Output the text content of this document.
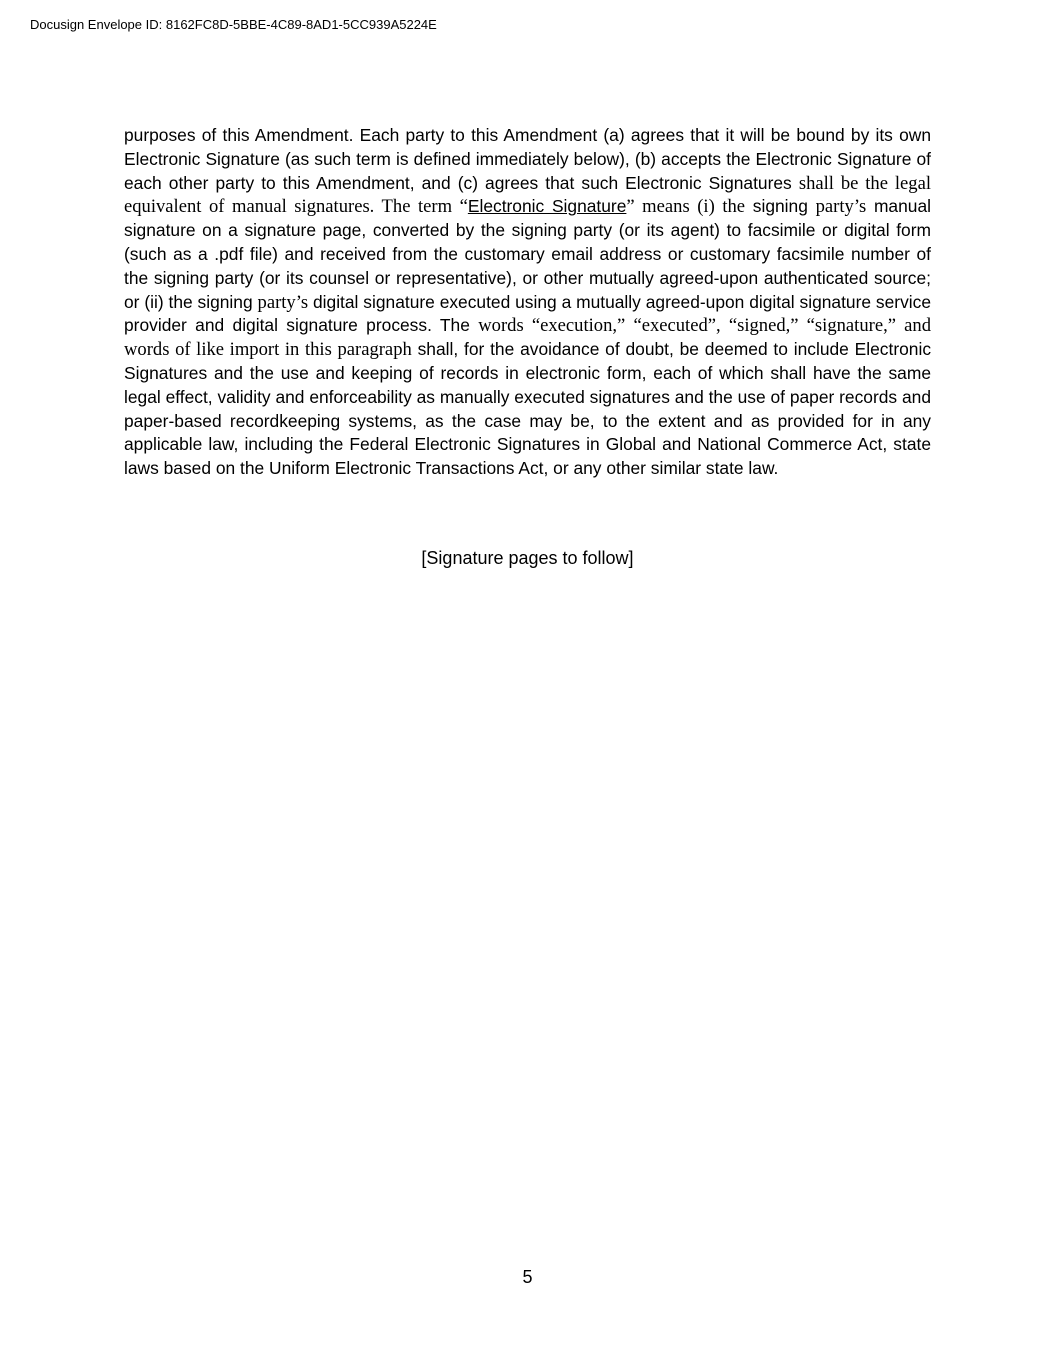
Docusign Envelope ID: 8162FC8D-5BBE-4C89-8AD1-5CC939A5224E

purposes of this Amendment. Each party to this Amendment (a) agrees that it will be bound by its own Electronic Signature (as such term is defined immediately below), (b) accepts the Electronic Signature of each other party to this Amendment, and (c) agrees that such Electronic Signatures shall be the legal equivalent of manual signatures. The term “Electronic Signature” means (i) the signing party’s manual signature on a signature page, converted by the signing party (or its agent) to facsimile or digital form (such as a .pdf file) and received from the customary email address or customary facsimile number of the signing party (or its counsel or representative), or other mutually agreed-upon authenticated source; or (ii) the signing party’s digital signature executed using a mutually agreed-upon digital signature service provider and digital signature process. The words “execution,” “executed”, “signed,” “signature,” and words of like import in this paragraph shall, for the avoidance of doubt, be deemed to include Electronic Signatures and the use and keeping of records in electronic form, each of which shall have the same legal effect, validity and enforceability as manually executed signatures and the use of paper records and paper-based recordkeeping systems, as the case may be, to the extent and as provided for in any applicable law, including the Federal Electronic Signatures in Global and National Commerce Act, state laws based on the Uniform Electronic Transactions Act, or any other similar state law.

[Signature pages to follow]
5
